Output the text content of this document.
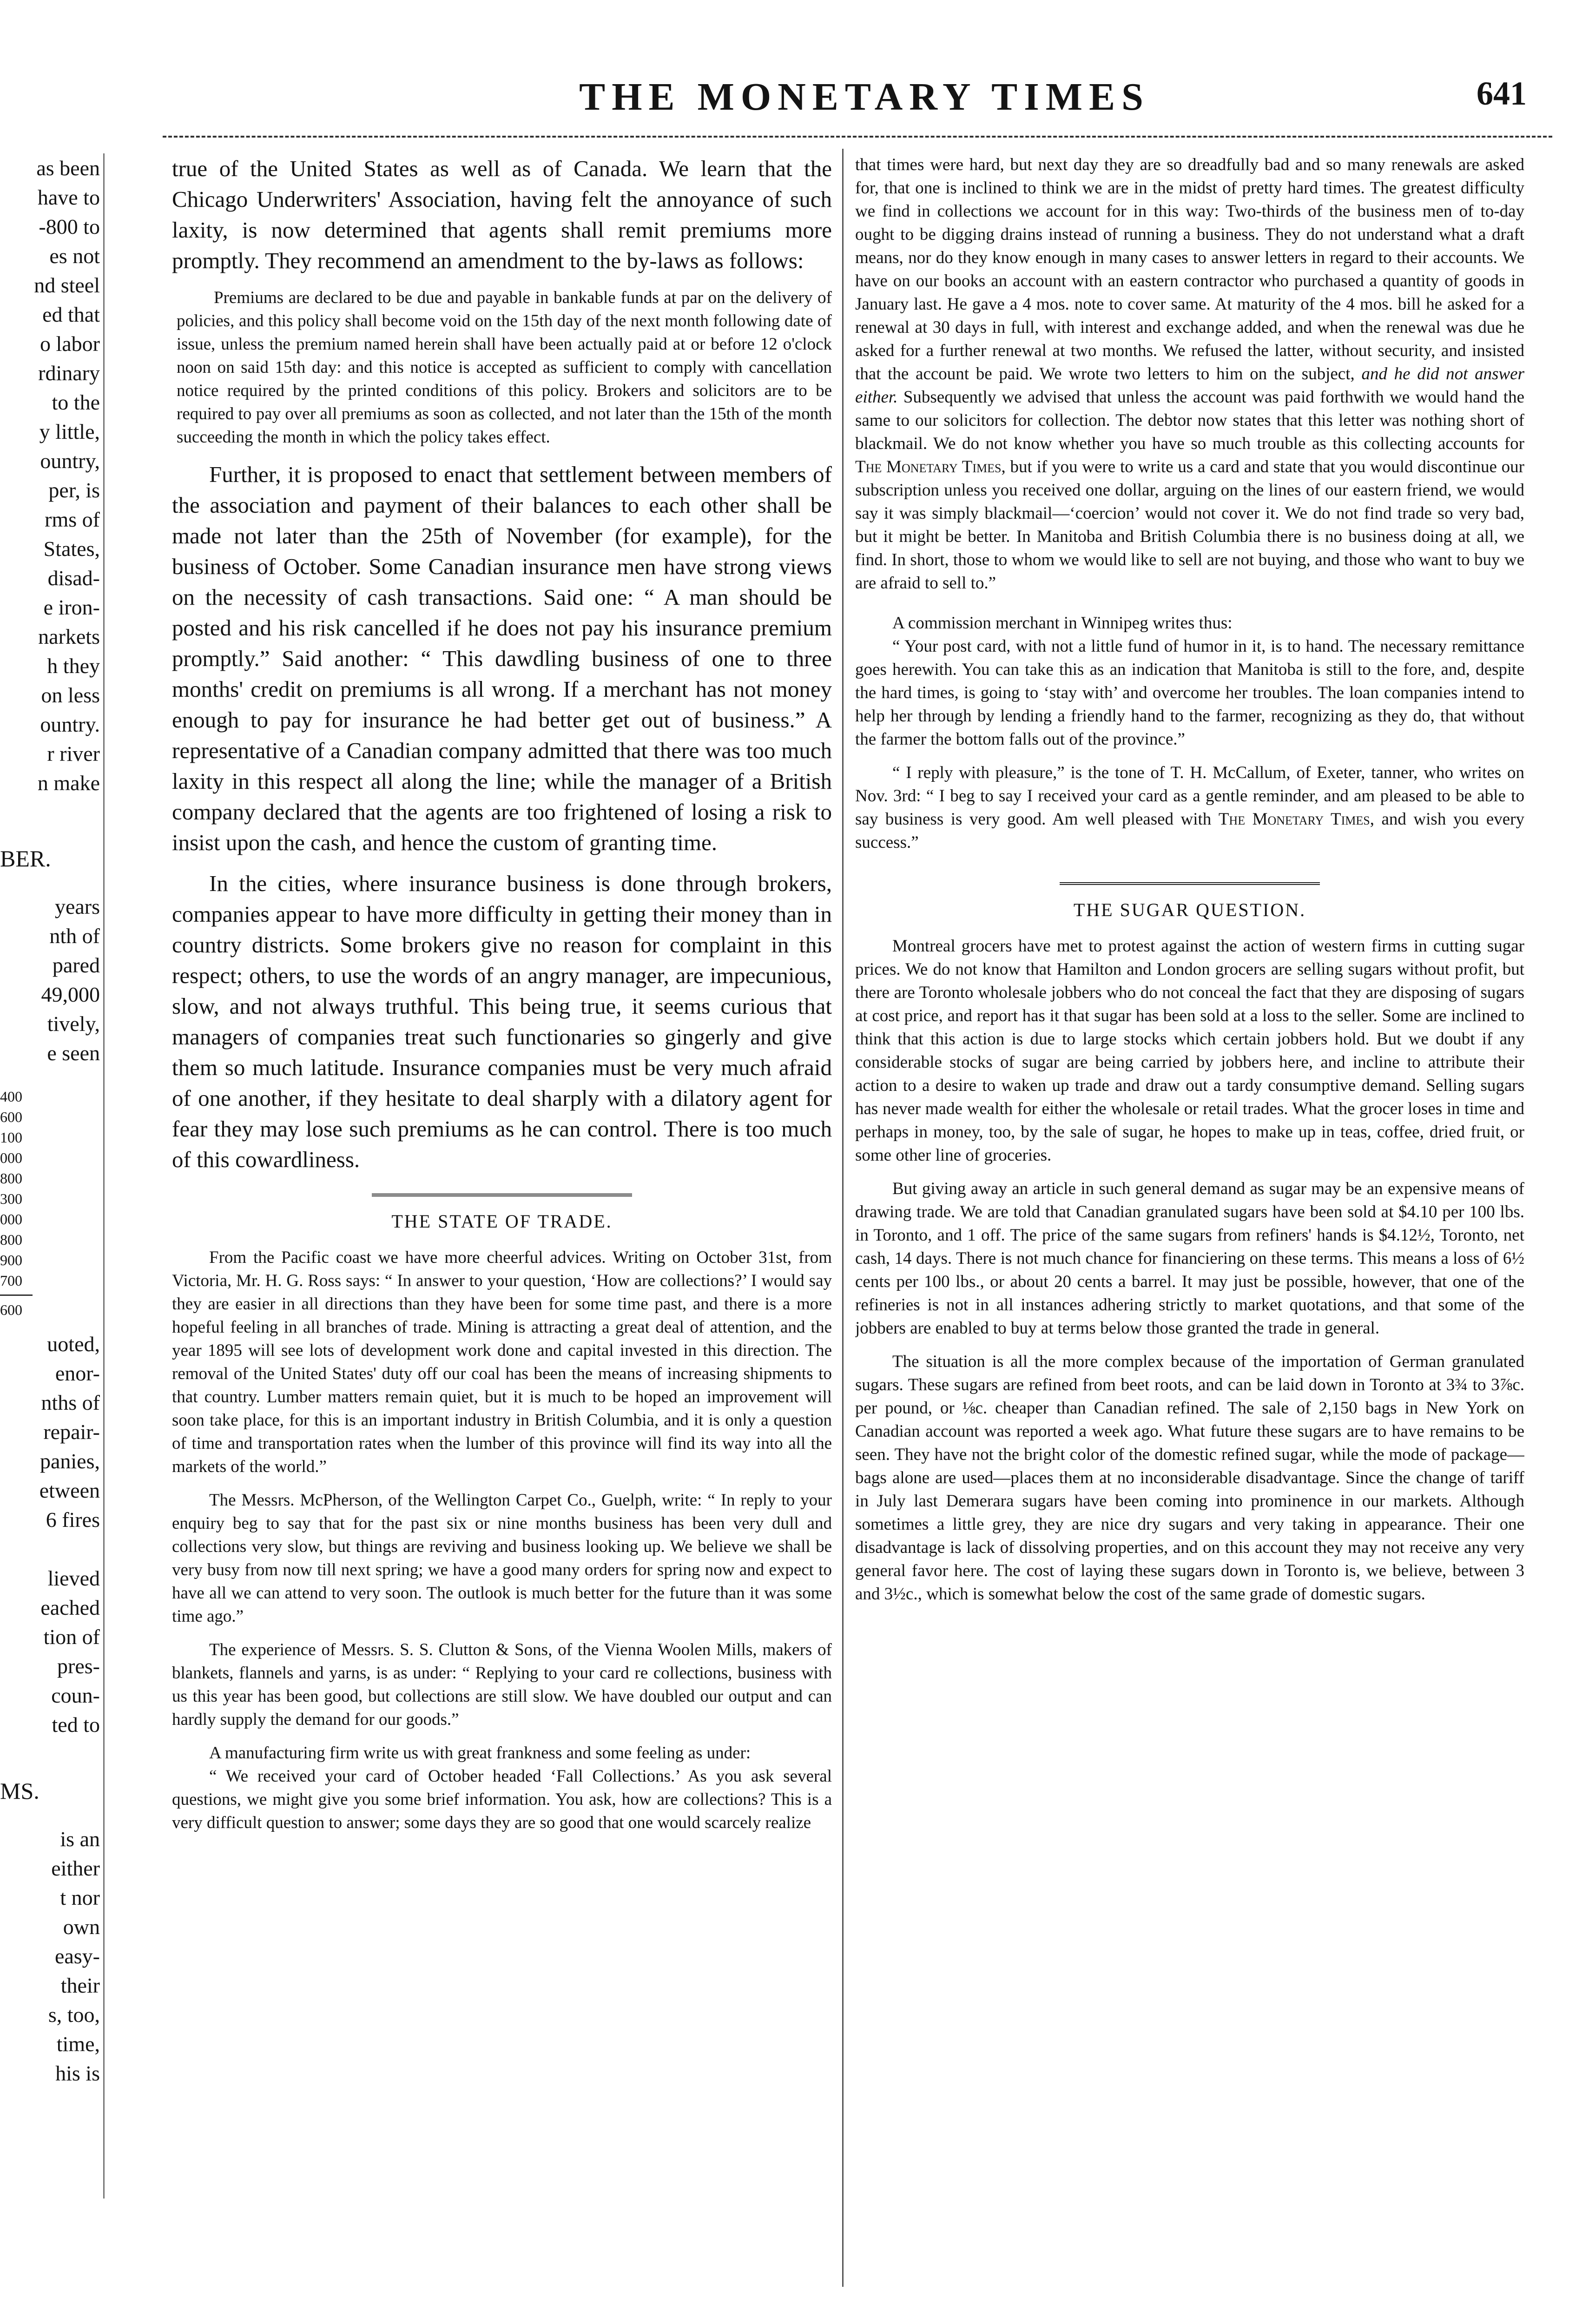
THE MONETARY TIMES	641
as been
have to
-800 to
es not
nd steel
ed that
o labor
rdinary
to the
y little,
ountry,
per, is
rms of
States,
disad-
e iron-
narkets
h they
on less
ountry.
r river
n make
BER.
years
nth of
pared
49,000
tively,
e seen
400
600
100
000
800
300
000
800
900
700
600
uoted,
enor-
nths of
repair-
panies,
etween
6 fires

lieved
eached
tion of
pres-
coun-
ted to
MS.
is an
either
t nor
own
easy-
their
s, too,
time,
his is

true of the United States as well as of Canada. We learn that the Chicago Underwriters' Association, having felt the annoyance of such laxity, is now determined that agents shall remit premiums more promptly. They recommend an amendment to the by-laws as follows:

Premiums are declared to be due and payable in bankable funds at par on the delivery of policies, and this policy shall become void on the 15th day of the next month following date of issue, unless the premium named herein shall have been actually paid at or before 12 o'clock noon on said 15th day: and this notice is accepted as sufficient to comply with cancellation notice required by the printed conditions of this policy. Brokers and solicitors are to be required to pay over all premiums as soon as collected, and not later than the 15th of the month succeeding the month in which the policy takes effect.

Further, it is proposed to enact that settlement between members of the association and payment of their balances to each other shall be made not later than the 25th of November (for example), for the business of October. Some Canadian insurance men have strong views on the necessity of cash transactions. Said one: “ A man should be posted and his risk cancelled if he does not pay his insurance premium promptly.” Said another: “ This dawdling business of one to three months' credit on premiums is all wrong. If a merchant has not money enough to pay for insurance he had better get out of business.” A representative of a Canadian company admitted that there was too much laxity in this respect all along the line; while the manager of a British company declared that the agents are too frightened of losing a risk to insist upon the cash, and hence the custom of granting time.

In the cities, where insurance business is done through brokers, companies appear to have more difficulty in getting their money than in country districts. Some brokers give no reason for complaint in this respect; others, to use the words of an angry manager, are impecunious, slow, and not always truthful. This being true, it seems curious that managers of companies treat such functionaries so gingerly and give them so much latitude. Insurance companies must be very much afraid of one another, if they hesitate to deal sharply with a dilatory agent for fear they may lose such premiums as he can control. There is too much of this cowardliness.

THE STATE OF TRADE.

From the Pacific coast we have more cheerful advices. Writing on October 31st, from Victoria, Mr. H. G. Ross says: “ In answer to your question, ‘How are collections?’ I would say they are easier in all directions than they have been for some time past, and there is a more hopeful feeling in all branches of trade. Mining is attracting a great deal of attention, and the year 1895 will see lots of development work done and capital invested in this direction. The removal of the United States' duty off our coal has been the means of increasing shipments to that country. Lumber matters remain quiet, but it is much to be hoped an improvement will soon take place, for this is an important industry in British Columbia, and it is only a question of time and transportation rates when the lumber of this province will find its way into all the markets of the world.”

The Messrs. McPherson, of the Wellington Carpet Co., Guelph, write: “ In reply to your enquiry beg to say that for the past six or nine months business has been very dull and collections very slow, but things are reviving and business looking up. We believe we shall be very busy from now till next spring; we have a good many orders for spring now and expect to have all we can attend to very soon. The outlook is much better for the future than it was some time ago.”

The experience of Messrs. S. S. Clutton & Sons, of the Vienna Woolen Mills, makers of blankets, flannels and yarns, is as under: “ Replying to your card re collections, business with us this year has been good, but collections are still slow. We have doubled our output and can hardly supply the demand for our goods.”

A manufacturing firm write us with great frankness and some feeling as under:

“ We received your card of October headed ‘Fall Collections.’ As you ask several questions, we might give you some brief information. You ask, how are collections? This is a very difficult question to answer; some days they are so good that one would scarcely realize

that times were hard, but next day they are so dreadfully bad and so many renewals are asked for, that one is inclined to think we are in the midst of pretty hard times. The greatest difficulty we find in collections we account for in this way: Two-thirds of the business men of to-day ought to be digging drains instead of running a business. They do not understand what a draft means, nor do they know enough in many cases to answer letters in regard to their accounts. We have on our books an account with an eastern contractor who purchased a quantity of goods in January last. He gave a 4 mos. note to cover same. At maturity of the 4 mos. bill he asked for a renewal at 30 days in full, with interest and exchange added, and when the renewal was due he asked for a further renewal at two months. We refused the latter, without security, and insisted that the account be paid. We wrote two letters to him on the subject, and he did not answer either. Subsequently we advised that unless the account was paid forthwith we would hand the same to our solicitors for collection. The debtor now states that this letter was nothing short of blackmail. We do not know whether you have so much trouble as this collecting accounts for The Monetary Times, but if you were to write us a card and state that you would discontinue our subscription unless you received one dollar, arguing on the lines of our eastern friend, we would say it was simply blackmail—‘coercion’ would not cover it. We do not find trade so very bad, but it might be better. In Manitoba and British Columbia there is no business doing at all, we find. In short, those to whom we would like to sell are not buying, and those who want to buy we are afraid to sell to.”

A commission merchant in Winnipeg writes thus:

“ Your post card, with not a little fund of humor in it, is to hand. The necessary remittance goes herewith. You can take this as an indication that Manitoba is still to the fore, and, despite the hard times, is going to ‘stay with’ and overcome her troubles. The loan companies intend to help her through by lending a friendly hand to the farmer, recognizing as they do, that without the farmer the bottom falls out of the province.”

“ I reply with pleasure,” is the tone of T. H. McCallum, of Exeter, tanner, who writes on Nov. 3rd: “ I beg to say I received your card as a gentle reminder, and am pleased to be able to say business is very good. Am well pleased with The Monetary Times, and wish you every success.”

THE SUGAR QUESTION.

Montreal grocers have met to protest against the action of western firms in cutting sugar prices. We do not know that Hamilton and London grocers are selling sugars without profit, but there are Toronto wholesale jobbers who do not conceal the fact that they are disposing of sugars at cost price, and report has it that sugar has been sold at a loss to the seller. Some are inclined to think that this action is due to large stocks which certain jobbers hold. But we doubt if any considerable stocks of sugar are being carried by jobbers here, and incline to attribute their action to a desire to waken up trade and draw out a tardy consumptive demand. Selling sugars has never made wealth for either the wholesale or retail trades. What the grocer loses in time and perhaps in money, too, by the sale of sugar, he hopes to make up in teas, coffee, dried fruit, or some other line of groceries.

But giving away an article in such general demand as sugar may be an expensive means of drawing trade. We are told that Canadian granulated sugars have been sold at $4.10 per 100 lbs. in Toronto, and 1 off. The price of the same sugars from refiners' hands is $4.12½, Toronto, net cash, 14 days. There is not much chance for financiering on these terms. This means a loss of 6½ cents per 100 lbs., or about 20 cents a barrel. It may just be possible, however, that one of the refineries is not in all instances adhering strictly to market quotations, and that some of the jobbers are enabled to buy at terms below those granted the trade in general.

The situation is all the more complex because of the importation of German granulated sugars. These sugars are refined from beet roots, and can be laid down in Toronto at 3¾ to 3⅞c. per pound, or ⅛c. cheaper than Canadian refined. The sale of 2,150 bags in New York on Canadian account was reported a week ago. What future these sugars are to have remains to be seen. They have not the bright color of the domestic refined sugar, while the mode of package—bags alone are used—places them at no inconsiderable disadvantage. Since the change of tariff in July last Demerara sugars have been coming into prominence in our markets. Although sometimes a little grey, they are nice dry sugars and very taking in appearance. Their one disadvantage is lack of dissolving properties, and on this account they may not receive any very general favor here. The cost of laying these sugars down in Toronto is, we believe, between 3 and 3½c., which is somewhat below the cost of the same grade of domestic sugars.
